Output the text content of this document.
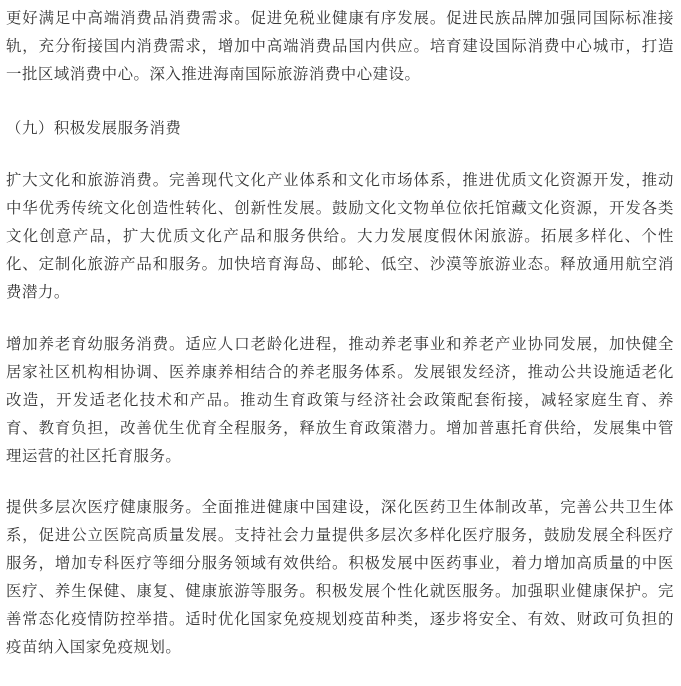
更好满足中高端消费品消费需求。促进免税业健康有序发展。促进民族品牌加强同国际标准接轨，充分衔接国内消费需求，增加中高端消费品国内供应。培育建设国际消费中心城市，打造一批区域消费中心。深入推进海南国际旅游消费中心建设。

（九）积极发展服务消费

扩大文化和旅游消费。完善现代文化产业体系和文化市场体系，推进优质文化资源开发，推动中华优秀传统文化创造性转化、创新性发展。鼓励文化文物单位依托馆藏文化资源，开发各类文化创意产品，扩大优质文化产品和服务供给。大力发展度假休闲旅游。拓展多样化、个性化、定制化旅游产品和服务。加快培育海岛、邮轮、低空、沙漠等旅游业态。释放通用航空消费潜力。

增加养老育幼服务消费。适应人口老龄化进程，推动养老事业和养老产业协同发展，加快健全居家社区机构相协调、医养康养相结合的养老服务体系。发展银发经济，推动公共设施适老化改造，开发适老化技术和产品。推动生育政策与经济社会政策配套衔接，减轻家庭生育、养育、教育负担，改善优生优育全程服务，释放生育政策潜力。增加普惠托育供给，发展集中管理运营的社区托育服务。

提供多层次医疗健康服务。全面推进健康中国建设，深化医药卫生体制改革，完善公共卫生体系，促进公立医院高质量发展。支持社会力量提供多层次多样化医疗服务，鼓励发展全科医疗服务，增加专科医疗等细分服务领域有效供给。积极发展中医药事业，着力增加高质量的中医医疗、养生保健、康复、健康旅游等服务。积极发展个性化就医服务。加强职业健康保护。完善常态化疫情防控举措。适时优化国家免疫规划疫苗种类，逐步将安全、有效、财政可负担的疫苗纳入国家免疫规划。
